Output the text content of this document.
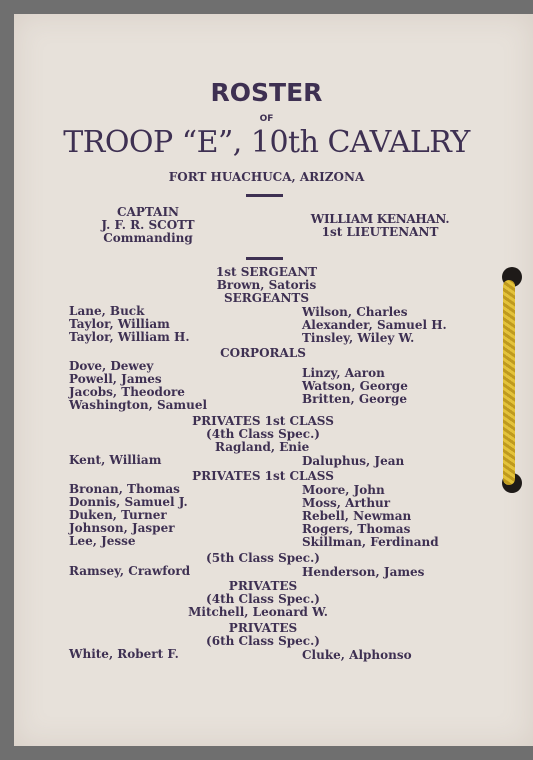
ROSTER
OF
TROOP “E”, 10th CAVALRY
FORT HUACHUCA, ARIZONA
CAPTAIN
J. F. R. SCOTT
Commanding
WILLIAM KENAHAN.
1st LIEUTENANT
1st SERGEANT
Brown, Satoris
SERGEANTS
Lane, Buck
Taylor, William
Taylor, William H.
Wilson, Charles
Alexander, Samuel H.
Tinsley, Wiley W.
CORPORALS
Dove, Dewey
Powell, James
Jacobs, Theodore
Washington, Samuel
Linzy, Aaron
Watson, George
Britten, George
PRIVATES 1st CLASS
(4th Class Spec.)
Ragland, Enie
Kent, William	Daluphus, Jean
PRIVATES 1st CLASS
Bronan, Thomas
Donnis, Samuel J.
Duken, Turner
Johnson, Jasper
Lee, Jesse
Moore, John
Moss, Arthur
Rebell, Newman
Rogers, Thomas
Skillman, Ferdinand
(5th Class Spec.)
Ramsey, Crawford	Henderson, James
PRIVATES
(4th Class Spec.)
Mitchell, Leonard W.
PRIVATES
(6th Class Spec.)
White, Robert F.	Cluke, Alphonso
